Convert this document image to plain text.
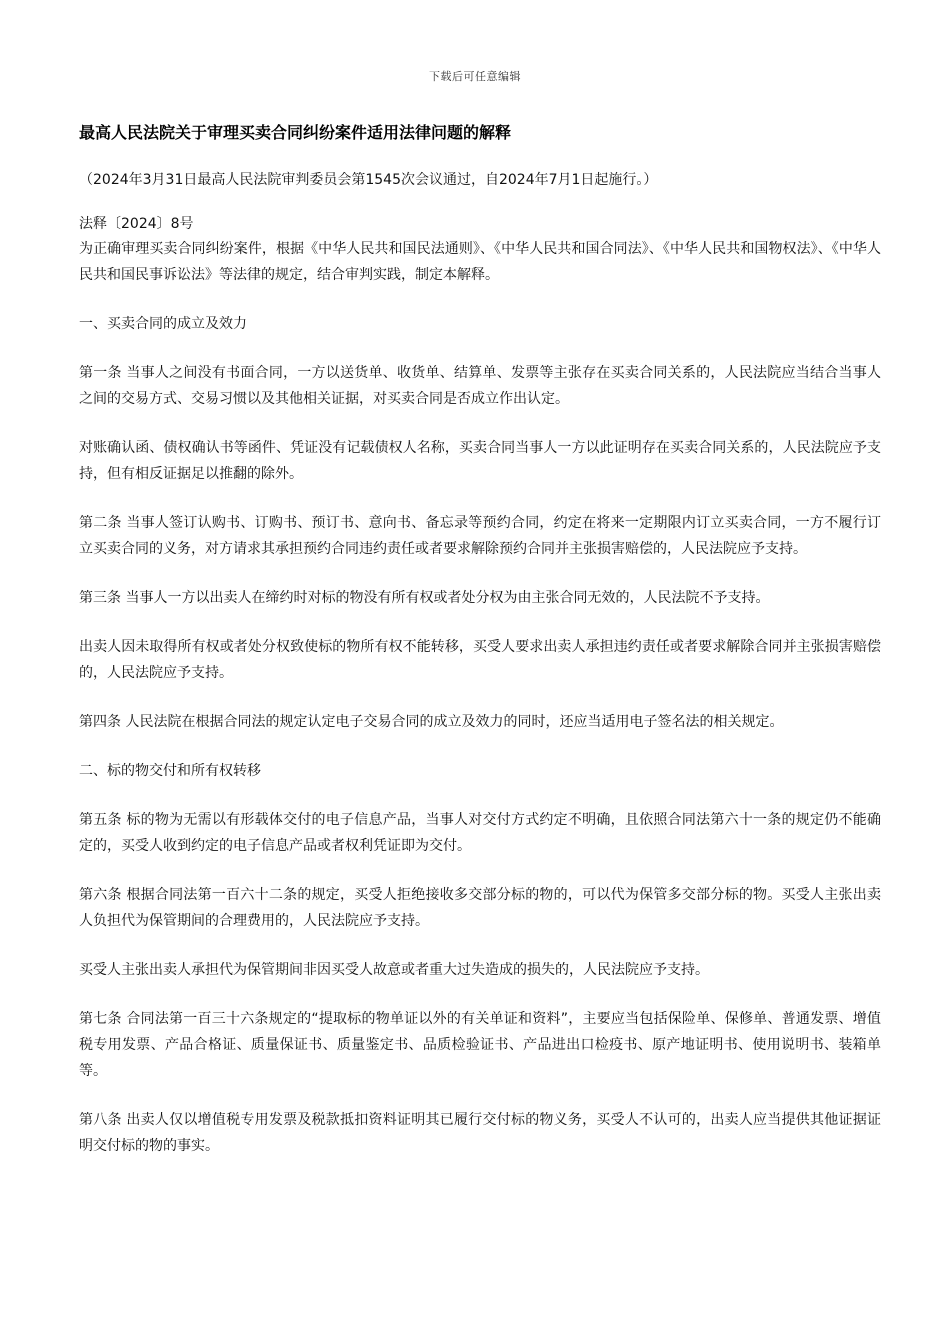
下载后可任意编辑
最高人民法院关于审理买卖合同纠纷案件适用法律问题的解释

（2024年3月31日最高人民法院审判委员会第1545次会议通过，自2024年7月1日起施行。）

法释〔2024〕8号

为正确审理买卖合同纠纷案件，根据《中华人民共和国民法通则》、《中华人民共和国合同法》、《中华人民共和国物权法》、《中华人民共和国民事诉讼法》等法律的规定，结合审判实践，制定本解释。

一、买卖合同的成立及效力

第一条 当事人之间没有书面合同，一方以送货单、收货单、结算单、发票等主张存在买卖合同关系的，人民法院应当结合当事人之间的交易方式、交易习惯以及其他相关证据，对买卖合同是否成立作出认定。

对账确认函、债权确认书等函件、凭证没有记载债权人名称，买卖合同当事人一方以此证明存在买卖合同关系的，人民法院应予支持，但有相反证据足以推翻的除外。

第二条 当事人签订认购书、订购书、预订书、意向书、备忘录等预约合同，约定在将来一定期限内订立买卖合同，一方不履行订立买卖合同的义务，对方请求其承担预约合同违约责任或者要求解除预约合同并主张损害赔偿的，人民法院应予支持。

第三条 当事人一方以出卖人在缔约时对标的物没有所有权或者处分权为由主张合同无效的，人民法院不予支持。

出卖人因未取得所有权或者处分权致使标的物所有权不能转移，买受人要求出卖人承担违约责任或者要求解除合同并主张损害赔偿的，人民法院应予支持。

第四条 人民法院在根据合同法的规定认定电子交易合同的成立及效力的同时，还应当适用电子签名法的相关规定。

二、标的物交付和所有权转移

第五条 标的物为无需以有形载体交付的电子信息产品，当事人对交付方式约定不明确，且依照合同法第六十一条的规定仍不能确定的，买受人收到约定的电子信息产品或者权利凭证即为交付。

第六条 根据合同法第一百六十二条的规定，买受人拒绝接收多交部分标的物的，可以代为保管多交部分标的物。买受人主张出卖人负担代为保管期间的合理费用的，人民法院应予支持。

买受人主张出卖人承担代为保管期间非因买受人故意或者重大过失造成的损失的，人民法院应予支持。

第七条 合同法第一百三十六条规定的“提取标的物单证以外的有关单证和资料”，主要应当包括保险单、保修单、普通发票、增值税专用发票、产品合格证、质量保证书、质量鉴定书、品质检验证书、产品进出口检疫书、原产地证明书、使用说明书、装箱单等。

第八条 出卖人仅以增值税专用发票及税款抵扣资料证明其已履行交付标的物义务，买受人不认可的，出卖人应当提供其他证据证明交付标的物的事实。
